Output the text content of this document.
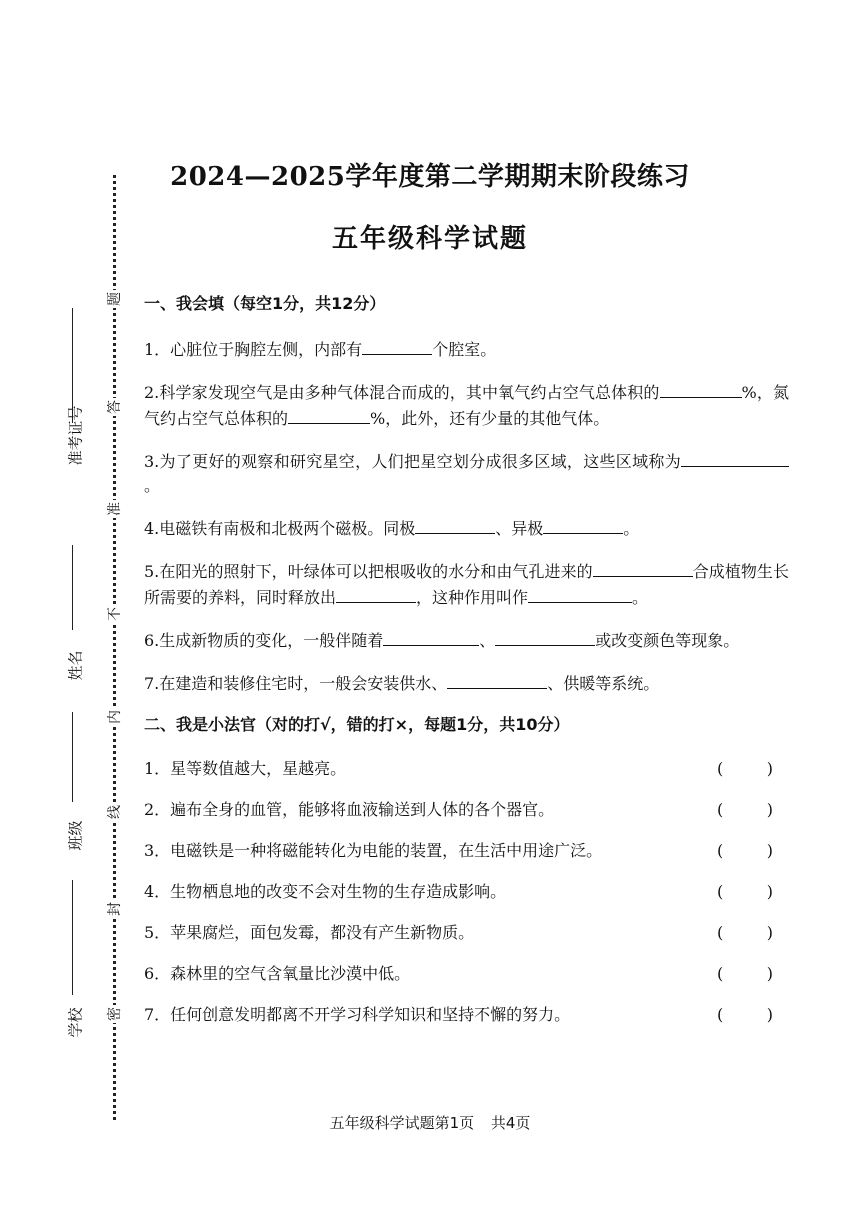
题
答
准
不
内
线
封
密
准考证号
姓名
班级
学校
2024—2025学年度第二学期期末阶段练习
五年级科学试题
一、我会填（每空1分，共12分）
1．心脏位于胸腔左侧，内部有	个腔室。
2.科学家发现空气是由多种气体混合而成的，其中氧气约占空气总体积的	%，氮气约占空气总体积的	%，此外，还有少量的其他气体。
3.为了更好的观察和研究星空，人们把星空划分成很多区域，这些区域称为。
4.电磁铁有南极和北极两个磁极。同极	、异极	。
5.在阳光的照射下，叶绿体可以把根吸收的水分和由气孔进来的	合成植物生长所需要的养料，同时释放出	，这种作用叫作	。
6.生成新物质的变化，一般伴随着	、	或改变颜色等现象。
7.在建造和装修住宅时，一般会安装供水、	、供暖等系统。
二、我是小法官（对的打√，错的打×，每题1分，共10分）
1．星等数值越大，星越亮。	(	)
2．遍布全身的血管，能够将血液输送到人体的各个器官。	(	)
3．电磁铁是一种将磁能转化为电能的装置，在生活中用途广泛。	(	)
4．生物栖息地的改变不会对生物的生存造成影响。	(	)
5．苹果腐烂，面包发霉，都没有产生新物质。	(	)
6．森林里的空气含氧量比沙漠中低。	(	)
7．任何创意发明都离不开学习科学知识和坚持不懈的努力。	(	)
五年级科学试题第1页 共4页
